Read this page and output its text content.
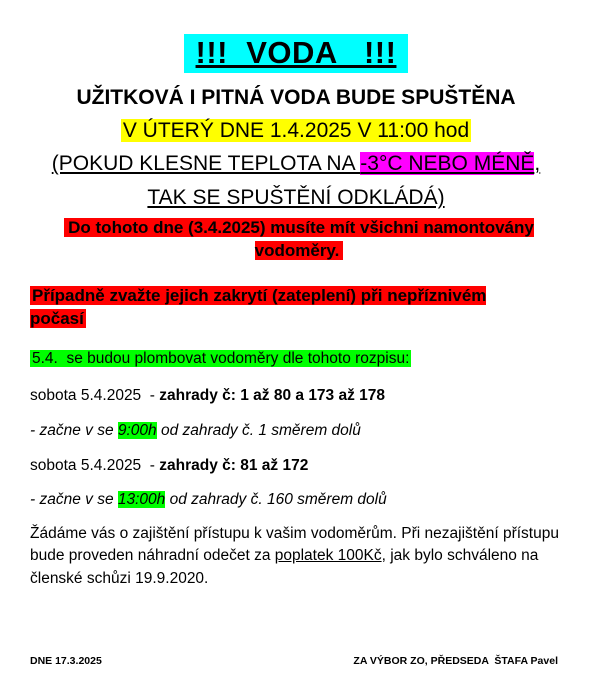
!!!  VODA   !!!
UŽITKOVÁ I PITNÁ VODA BUDE SPUŠTĚNA
V ÚTERÝ DNE 1.4.2025 V 11:00 hod
(POKUD KLESNE TEPLOTA NA -3°C NEBO MÉNĚ,
TAK SE SPUŠTĚNÍ ODKLÁDÁ)
Do tohoto dne (3.4.2025) musíte mít všichni namontovány vodoměry.
Případně zvažte jejich zakrytí (zateplení) při nepříznivém počasí
5.4.  se budou plombovat vodoměry dle tohoto rozpisu:
sobota 5.4.2025  - zahrady č: 1 až 80 a 173 až 178
- začne v se 9:00h od zahrady č. 1 směrem dolů
sobota 5.4.2025  - zahrady č: 81 až 172
- začne v se 13:00h od zahrady č. 160 směrem dolů
Žádáme vás o zajištění přístupu k vašim vodoměrům. Při nezajištění přístupu bude proveden náhradní odečet za poplatek 100Kč, jak bylo schváleno na členské schůzi 19.9.2020.
DNE 17.3.2025	ZA VÝBOR ZO, PŘEDSEDA  ŠTAFA Pavel
